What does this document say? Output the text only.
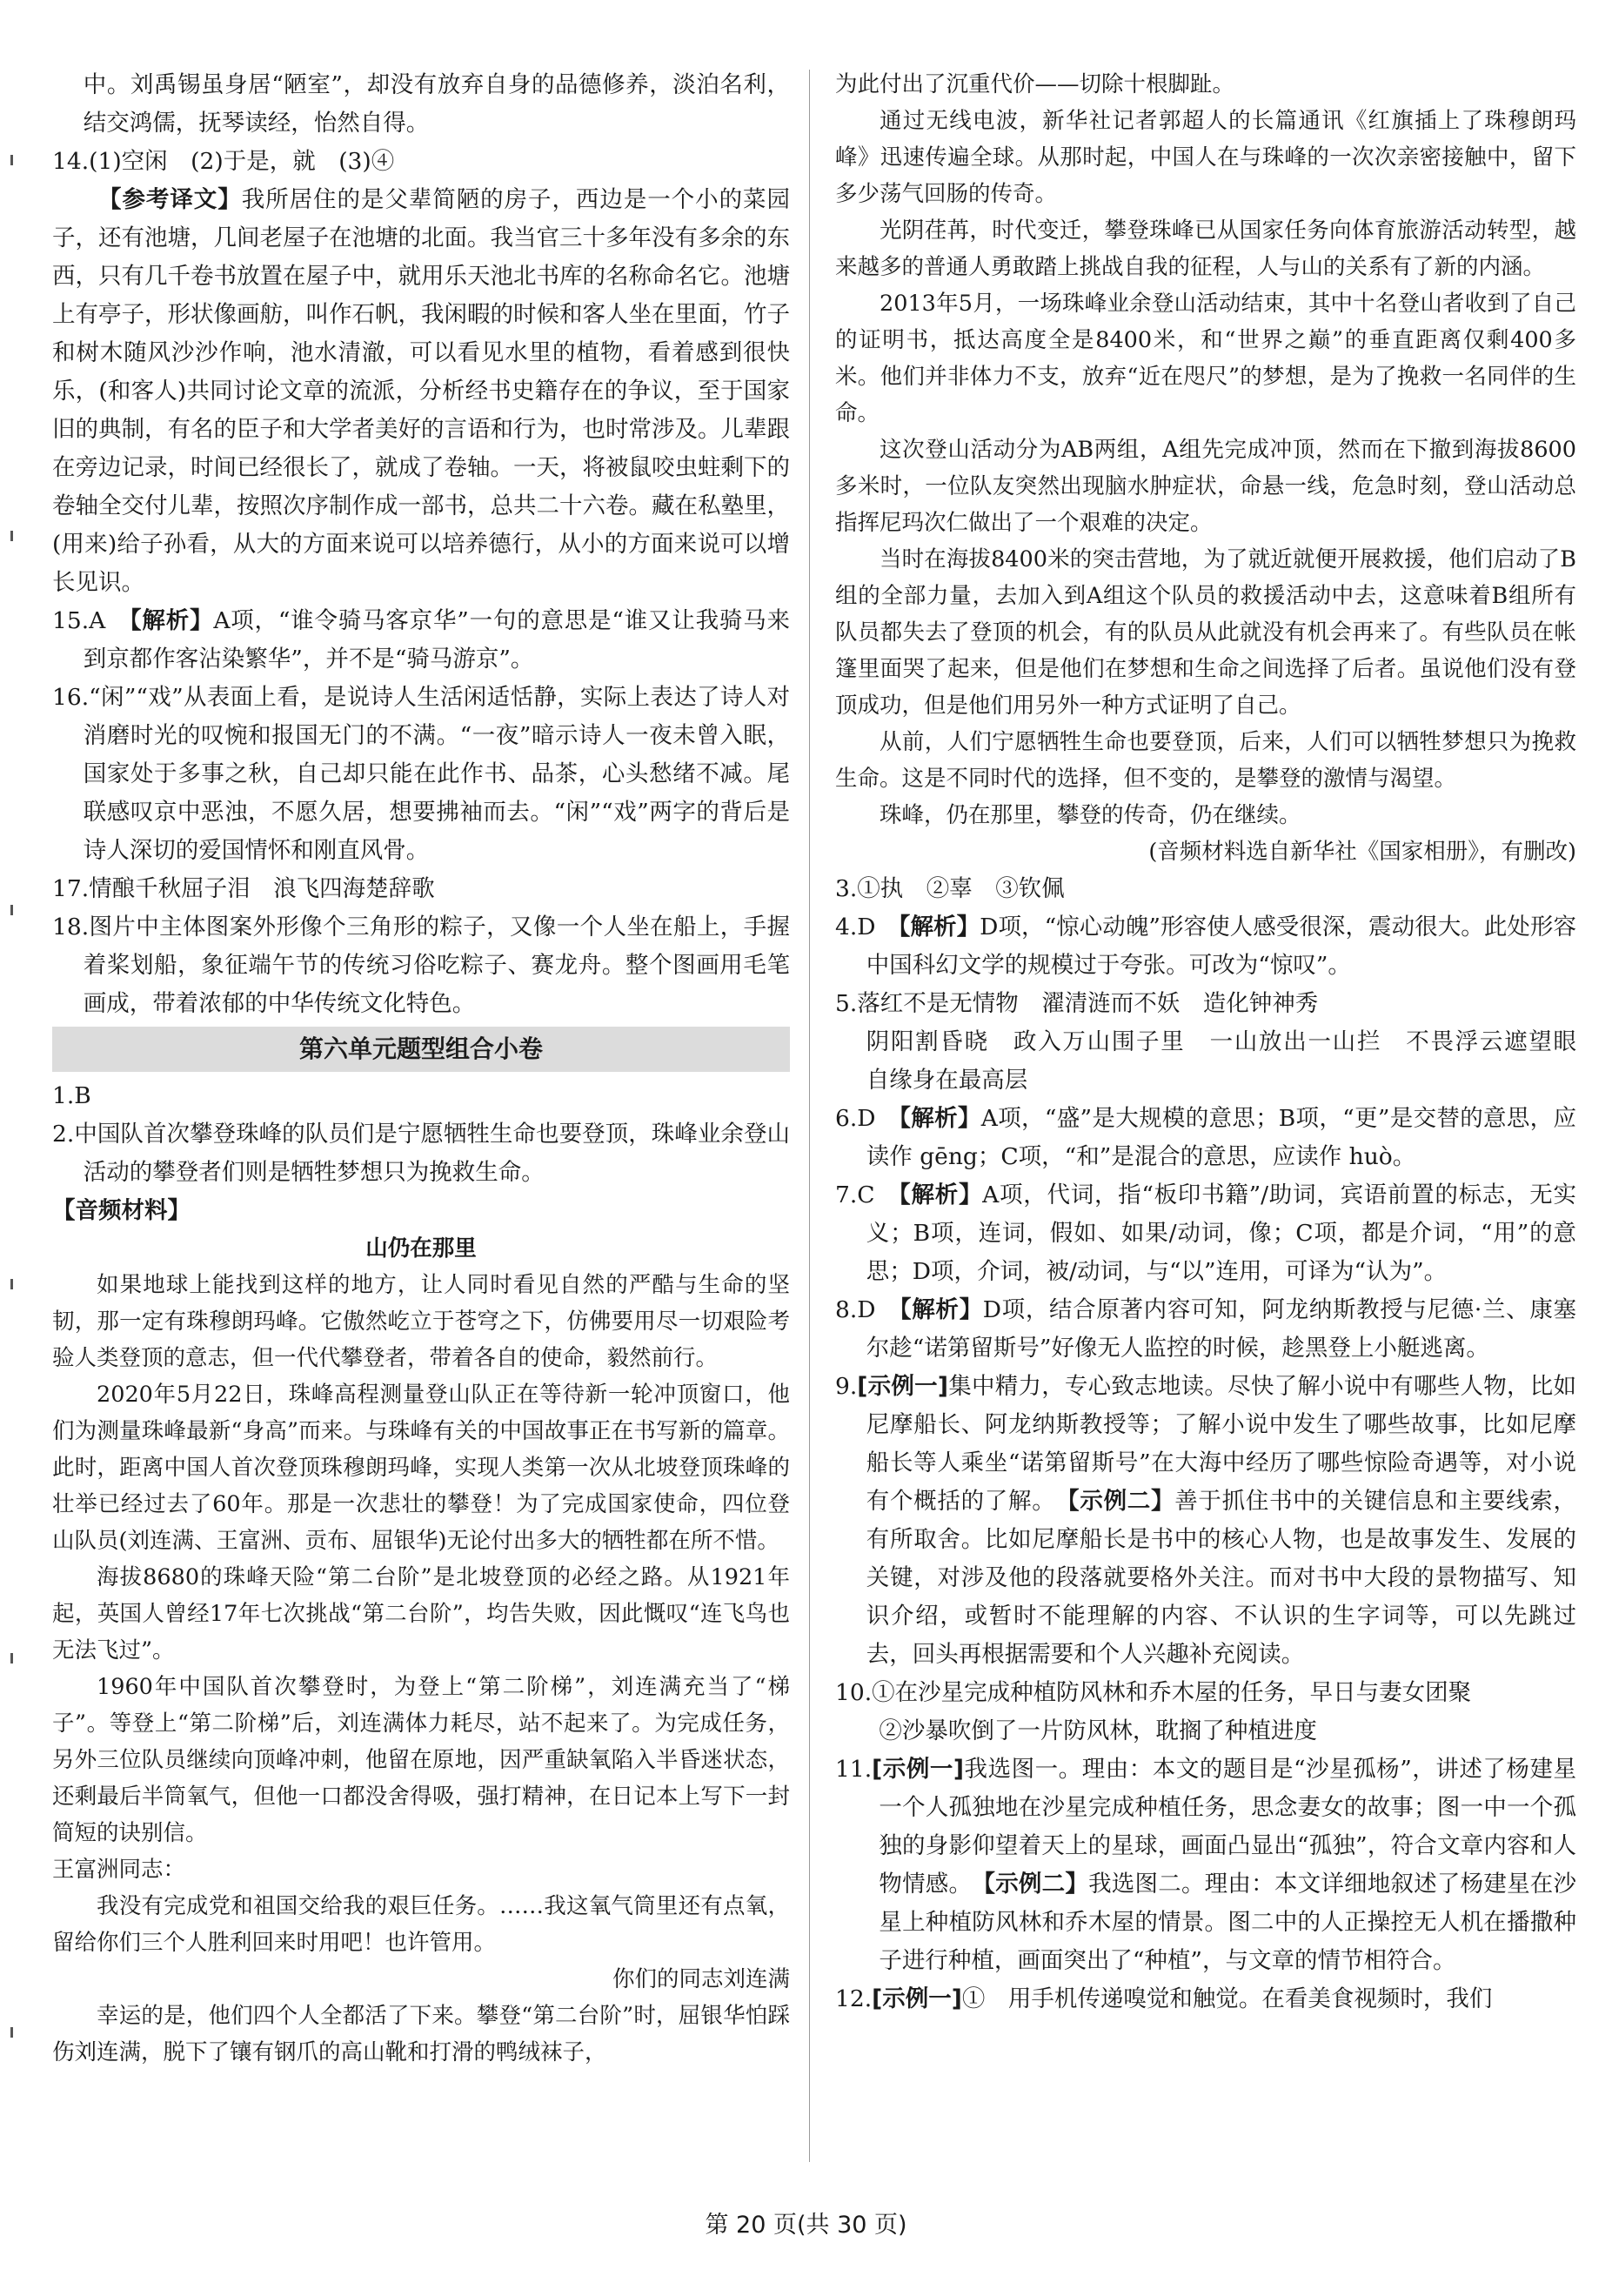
中。刘禹锡虽身居“陋室”，却没有放弃自身的品德修养，淡泊名利，结交鸿儒，抚琴读经，怡然自得。

14.(1)空闲　(2)于是，就　(3)④

【参考译文】我所居住的是父辈简陋的房子，西边是一个小的菜园子，还有池塘，几间老屋子在池塘的北面。我当官三十多年没有多余的东西，只有几千卷书放置在屋子中，就用乐天池北书库的名称命名它。池塘上有亭子，形状像画舫，叫作石帆，我闲暇的时候和客人坐在里面，竹子和树木随风沙沙作响，池水清澈，可以看见水里的植物，看着感到很快乐，(和客人)共同讨论文章的流派，分析经书史籍存在的争议，至于国家旧的典制，有名的臣子和大学者美好的言语和行为，也时常涉及。儿辈跟在旁边记录，时间已经很长了，就成了卷轴。一天，将被鼠咬虫蛀剩下的卷轴全交付儿辈，按照次序制作成一部书，总共二十六卷。藏在私塾里，(用来)给子孙看，从大的方面来说可以培养德行，从小的方面来说可以增长见识。

15.A　【解析】A项，“谁令骑马客京华”一句的意思是“谁又让我骑马来到京都作客沾染繁华”，并不是“骑马游京”。

16.“闲”“戏”从表面上看，是说诗人生活闲适恬静，实际上表达了诗人对消磨时光的叹惋和报国无门的不满。“一夜”暗示诗人一夜未曾入眠，国家处于多事之秋，自己却只能在此作书、品茶，心头愁绪不减。尾联感叹京中恶浊，不愿久居，想要拂袖而去。“闲”“戏”两字的背后是诗人深切的爱国情怀和刚直风骨。

17.情酿千秋屈子泪　浪飞四海楚辞歌

18.图片中主体图案外形像个三角形的粽子，又像一个人坐在船上，手握着桨划船，象征端午节的传统习俗吃粽子、赛龙舟。整个图画用毛笔画成，带着浓郁的中华传统文化特色。

第六单元题型组合小卷

1.B

2.中国队首次攀登珠峰的队员们是宁愿牺牲生命也要登顶，珠峰业余登山活动的攀登者们则是牺牲梦想只为挽救生命。

【音频材料】

山仍在那里

如果地球上能找到这样的地方，让人同时看见自然的严酷与生命的坚韧，那一定有珠穆朗玛峰。它傲然屹立于苍穹之下，仿佛要用尽一切艰险考验人类登顶的意志，但一代代攀登者，带着各自的使命，毅然前行。

2020年5月22日，珠峰高程测量登山队正在等待新一轮冲顶窗口，他们为测量珠峰最新“身高”而来。与珠峰有关的中国故事正在书写新的篇章。此时，距离中国人首次登顶珠穆朗玛峰，实现人类第一次从北坡登顶珠峰的壮举已经过去了60年。那是一次悲壮的攀登！为了完成国家使命，四位登山队员(刘连满、王富洲、贡布、屈银华)无论付出多大的牺牲都在所不惜。

海拔8680的珠峰天险“第二台阶”是北坡登顶的必经之路。从1921年起，英国人曾经17年七次挑战“第二台阶”，均告失败，因此慨叹“连飞鸟也无法飞过”。

1960年中国队首次攀登时，为登上“第二阶梯”，刘连满充当了“梯子”。等登上“第二阶梯”后，刘连满体力耗尽，站不起来了。为完成任务，另外三位队员继续向顶峰冲刺，他留在原地，因严重缺氧陷入半昏迷状态，还剩最后半筒氧气，但他一口都没舍得吸，强打精神，在日记本上写下一封简短的诀别信。

王富洲同志：

我没有完成党和祖国交给我的艰巨任务。……我这氧气筒里还有点氧，留给你们三个人胜利回来时用吧！也许管用。

你们的同志刘连满

幸运的是，他们四个人全都活了下来。攀登“第二台阶”时，屈银华怕踩伤刘连满，脱下了镶有钢爪的高山靴和打滑的鸭绒袜子，

为此付出了沉重代价——切除十根脚趾。

通过无线电波，新华社记者郭超人的长篇通讯《红旗插上了珠穆朗玛峰》迅速传遍全球。从那时起，中国人在与珠峰的一次次亲密接触中，留下多少荡气回肠的传奇。

光阴荏苒，时代变迁，攀登珠峰已从国家任务向体育旅游活动转型，越来越多的普通人勇敢踏上挑战自我的征程，人与山的关系有了新的内涵。

2013年5月，一场珠峰业余登山活动结束，其中十名登山者收到了自己的证明书，抵达高度全是8400米，和“世界之巅”的垂直距离仅剩400多米。他们并非体力不支，放弃“近在咫尺”的梦想，是为了挽救一名同伴的生命。

这次登山活动分为AB两组，A组先完成冲顶，然而在下撤到海拔8600多米时，一位队友突然出现脑水肿症状，命悬一线，危急时刻，登山活动总指挥尼玛次仁做出了一个艰难的决定。

当时在海拔8400米的突击营地，为了就近就便开展救援，他们启动了B组的全部力量，去加入到A组这个队员的救援活动中去，这意味着B组所有队员都失去了登顶的机会，有的队员从此就没有机会再来了。有些队员在帐篷里面哭了起来，但是他们在梦想和生命之间选择了后者。虽说他们没有登顶成功，但是他们用另外一种方式证明了自己。

从前，人们宁愿牺牲生命也要登顶，后来，人们可以牺牲梦想只为挽救生命。这是不同时代的选择，但不变的，是攀登的激情与渴望。

珠峰，仍在那里，攀登的传奇，仍在继续。

(音频材料选自新华社《国家相册》，有删改)

3.①执　②辜　③钦佩

4.D　【解析】D项，“惊心动魄”形容使人感受很深，震动很大。此处形容中国科幻文学的规模过于夸张。可改为“惊叹”。

5.落红不是无情物　濯清涟而不妖　造化钟神秀

阴阳割昏晓　政入万山围子里　一山放出一山拦　不畏浮云遮望眼　自缘身在最高层

6.D　【解析】A项，“盛”是大规模的意思；B项，“更”是交替的意思，应读作 gēng；C项，“和”是混合的意思，应读作 huò。

7.C　【解析】A项，代词，指“板印书籍”/助词，宾语前置的标志，无实义；B项，连词，假如、如果/动词，像；C项，都是介词，“用”的意思；D项，介词，被/动词，与“以”连用，可译为“认为”。

8.D　【解析】D项，结合原著内容可知，阿龙纳斯教授与尼德·兰、康塞尔趁“诺第留斯号”好像无人监控的时候，趁黑登上小艇逃离。

9.[示例一]集中精力，专心致志地读。尽快了解小说中有哪些人物，比如尼摩船长、阿龙纳斯教授等；了解小说中发生了哪些故事，比如尼摩船长等人乘坐“诺第留斯号”在大海中经历了哪些惊险奇遇等，对小说有个概括的了解。　 【示例二】善于抓住书中的关键信息和主要线索，有所取舍。比如尼摩船长是书中的核心人物，也是故事发生、发展的关键，对涉及他的段落就要格外关注。而对书中大段的景物描写、知识介绍，或暂时不能理解的内容、不认识的生字词等，可以先跳过去，回头再根据需要和个人兴趣补充阅读。

10.①在沙星完成种植防风林和乔木屋的任务，早日与妻女团聚

②沙暴吹倒了一片防风林，耽搁了种植进度

11.[示例一]我选图一。理由：本文的题目是“沙星孤杨”，讲述了杨建星一个人孤独地在沙星完成种植任务，思念妻女的故事；图一中一个孤独的身影仰望着天上的星球，画面凸显出“孤独”，符合文章内容和人物情感。　 【示例二】我选图二。理由：本文详细地叙述了杨建星在沙星上种植防风林和乔木屋的情景。图二中的人正操控无人机在播撒种子进行种植，画面突出了“种植”，与文章的情节相符合。

12.[示例一]①　用手机传递嗅觉和触觉。在看美食视频时，我们

第 20 页(共 30 页)
